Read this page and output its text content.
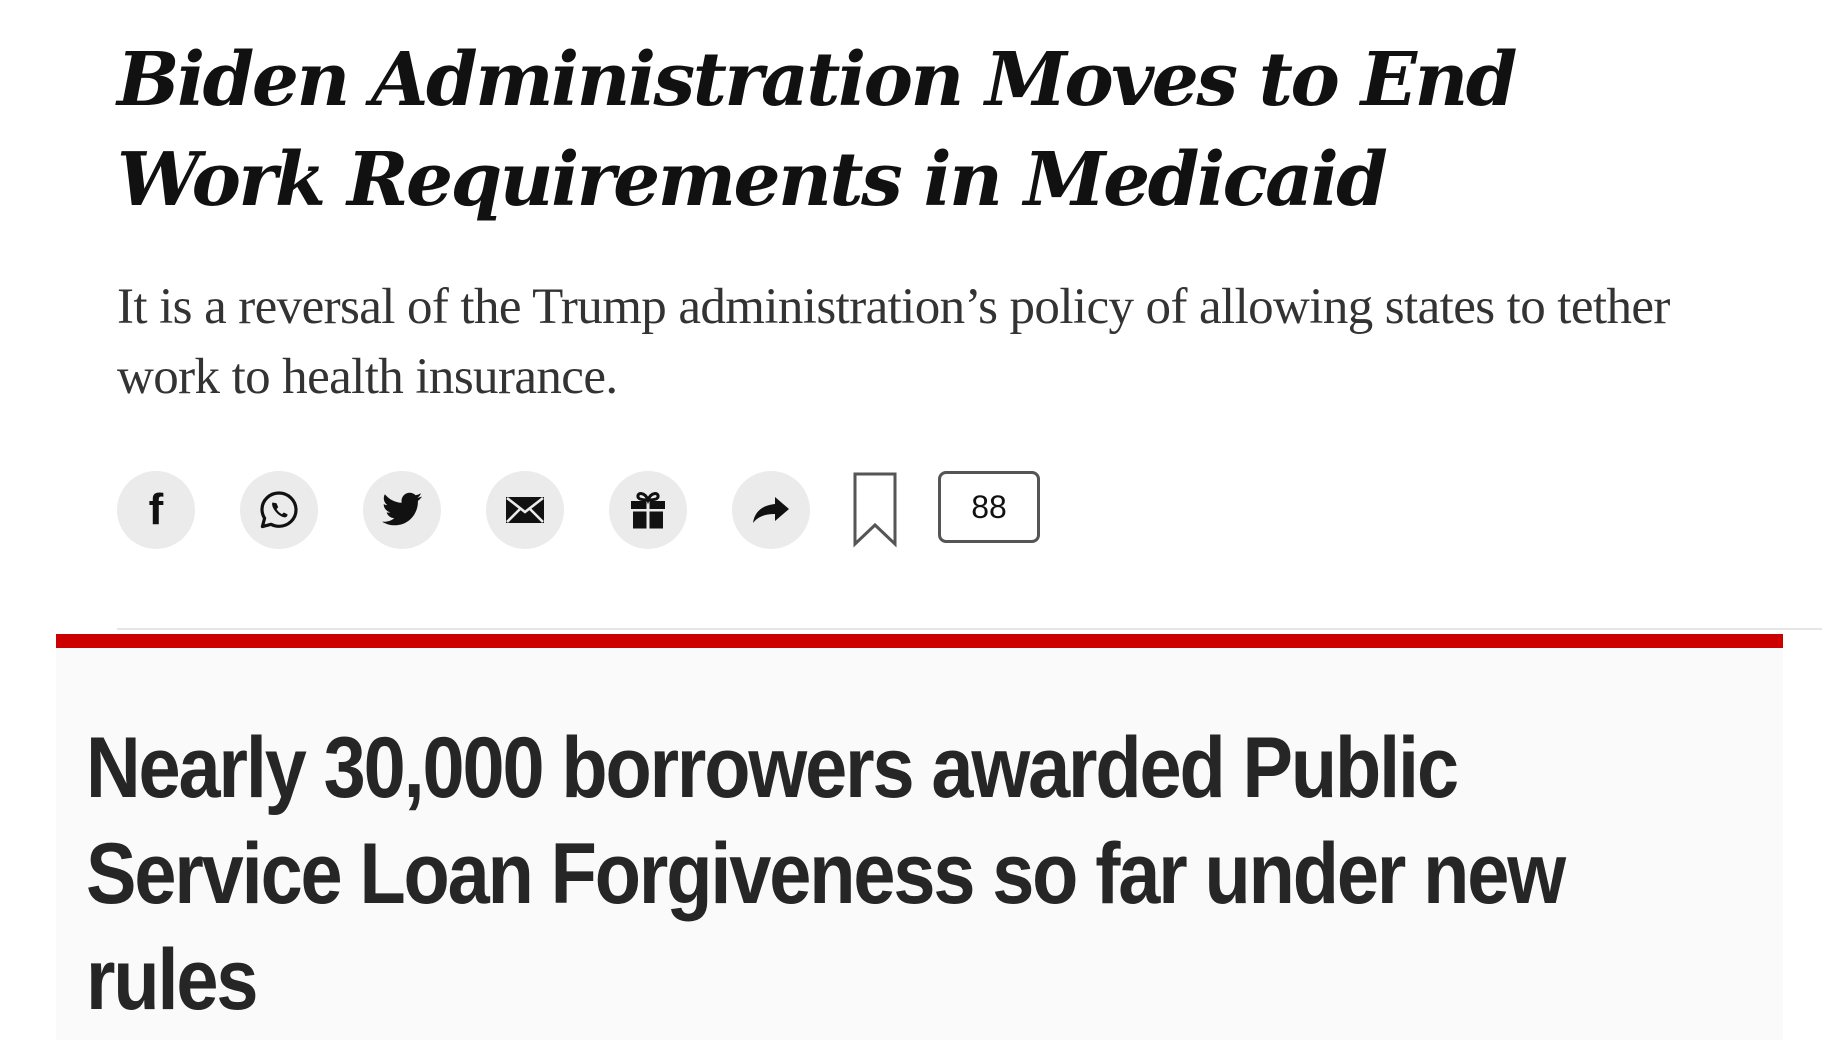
Biden Administration Moves to End Work Requirements in Medicaid

It is a reversal of the Trump administration’s policy of allowing states to tether work to health insurance.

f	88
Nearly 30,000 borrowers awarded Public Service Loan Forgiveness so far under new rules
